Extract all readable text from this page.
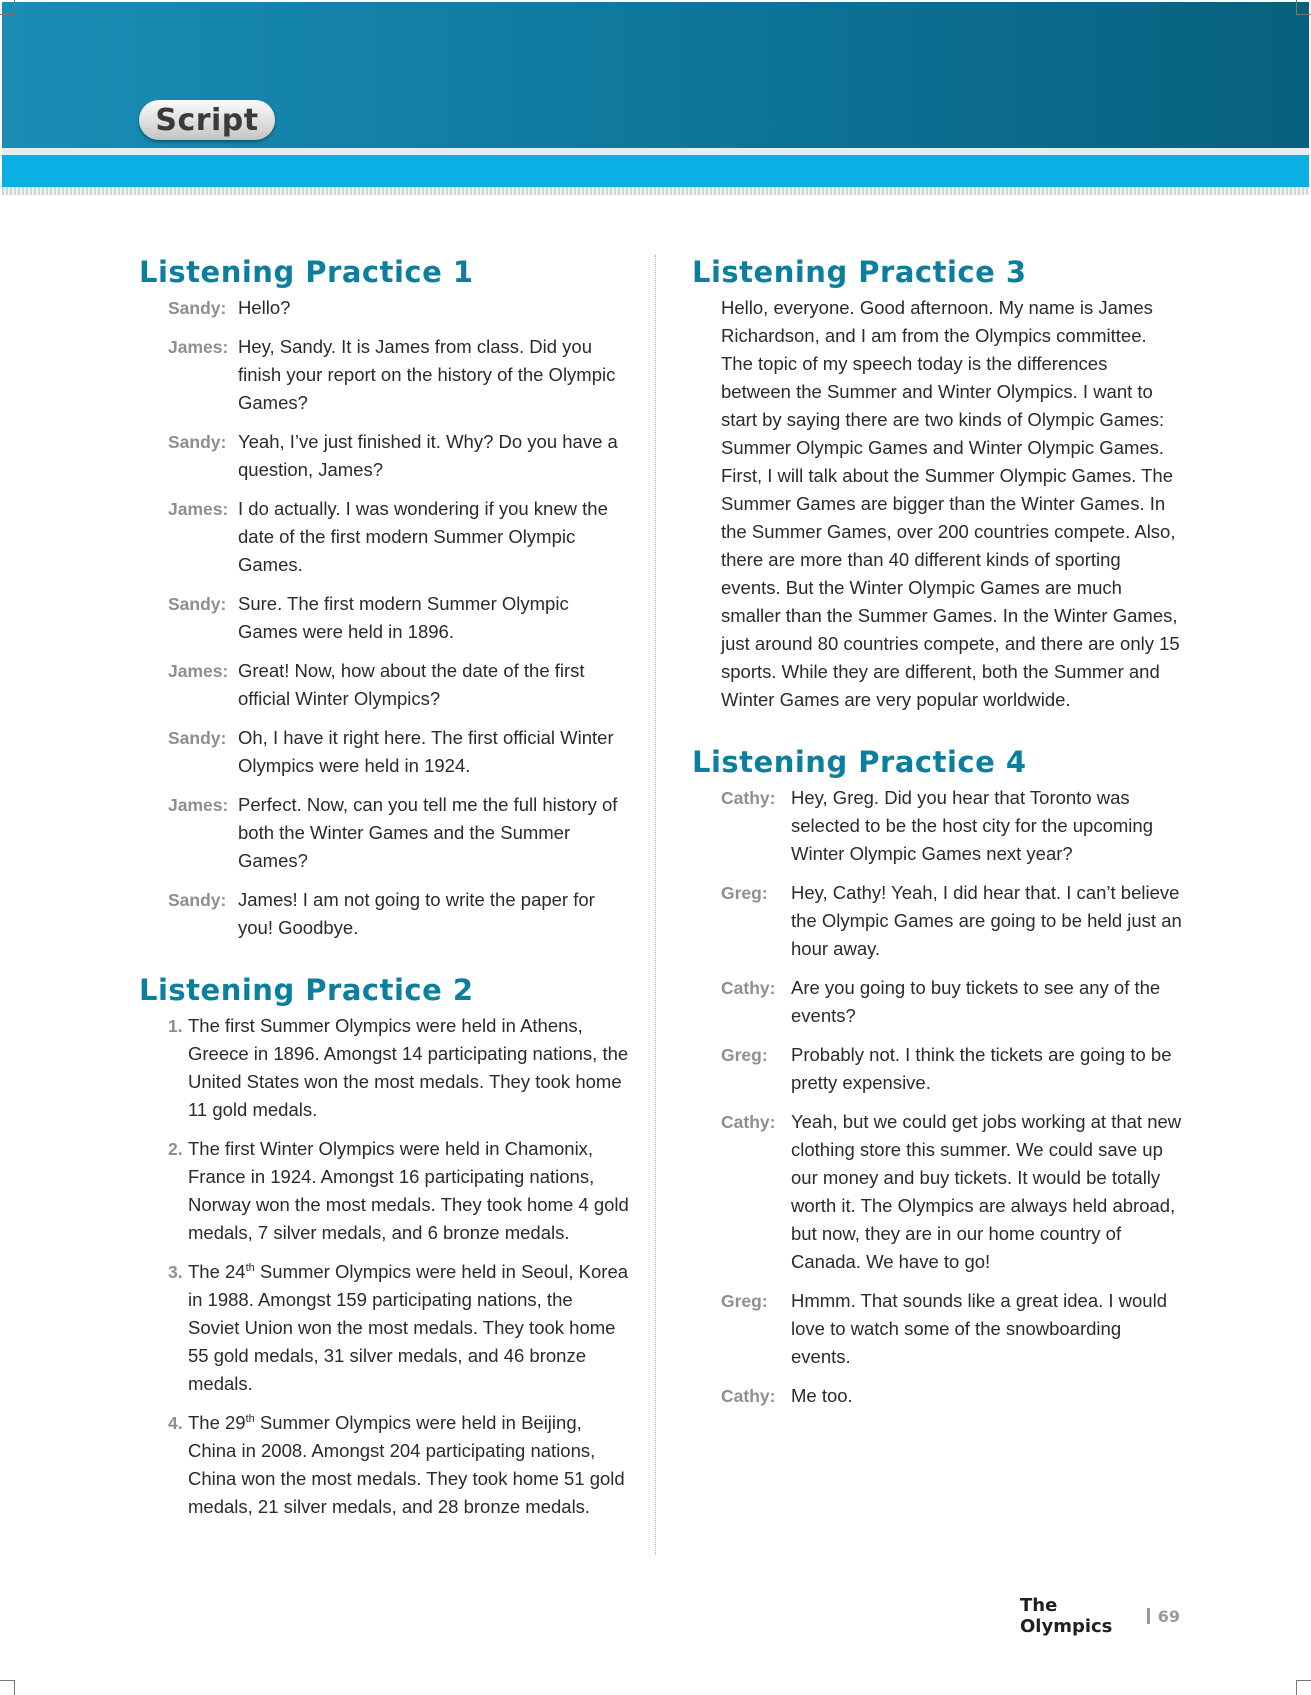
Script
Listening Practice 1
Sandy: Hello?
James: Hey, Sandy. It is James from class. Did you finish your report on the history of the Olympic Games?
Sandy: Yeah, I’ve just finished it. Why? Do you have a question, James?
James: I do actually. I was wondering if you knew the date of the first modern Summer Olympic Games.
Sandy: Sure. The first modern Summer Olympic Games were held in 1896.
James: Great! Now, how about the date of the first official Winter Olympics?
Sandy: Oh, I have it right here. The first official Winter Olympics were held in 1924.
James: Perfect. Now, can you tell me the full history of both the Winter Games and the Summer Games?
Sandy: James! I am not going to write the paper for you! Goodbye.
Listening Practice 2
1. The first Summer Olympics were held in Athens, Greece in 1896. Amongst 14 participating nations, the United States won the most medals. They took home 11 gold medals.
2. The first Winter Olympics were held in Chamonix, France in 1924. Amongst 16 participating nations, Norway won the most medals. They took home 4 gold medals, 7 silver medals, and 6 bronze medals.
3. The 24th Summer Olympics were held in Seoul, Korea in 1988. Amongst 159 participating nations, the Soviet Union won the most medals. They took home 55 gold medals, 31 silver medals, and 46 bronze medals.
4. The 29th Summer Olympics were held in Beijing, China in 2008. Amongst 204 participating nations, China won the most medals. They took home 51 gold medals, 21 silver medals, and 28 bronze medals.
Listening Practice 3

Hello, everyone. Good afternoon. My name is James Richardson, and I am from the Olympics committee. The topic of my speech today is the differences between the Summer and Winter Olympics. I want to start by saying there are two kinds of Olympic Games: Summer Olympic Games and Winter Olympic Games. First, I will talk about the Summer Olympic Games. The Summer Games are bigger than the Winter Games. In the Summer Games, over 200 countries compete. Also, there are more than 40 different kinds of sporting events. But the Winter Olympic Games are much smaller than the Summer Games. In the Winter Games, just around 80 countries compete, and there are only 15 sports. While they are different, both the Summer and Winter Games are very popular worldwide.

Listening Practice 4
Cathy: Hey, Greg. Did you hear that Toronto was selected to be the host city for the upcoming Winter Olympic Games next year?
Greg:	Hey, Cathy! Yeah, I did hear that. I can’t believe the Olympic Games are going to be held just an hour away.
Cathy: Are you going to buy tickets to see any of the events?
Greg:	Probably not. I think the tickets are going to be pretty expensive.
Cathy: Yeah, but we could get jobs working at that new clothing store this summer. We could save up our money and buy tickets. It would be totally worth it. The Olympics are always held abroad, but now, they are in our home country of Canada. We have to go!
Greg:	Hmmm. That sounds like a great idea. I would love to watch some of the snowboarding events.
Cathy: Me too.
The Olympics	69
